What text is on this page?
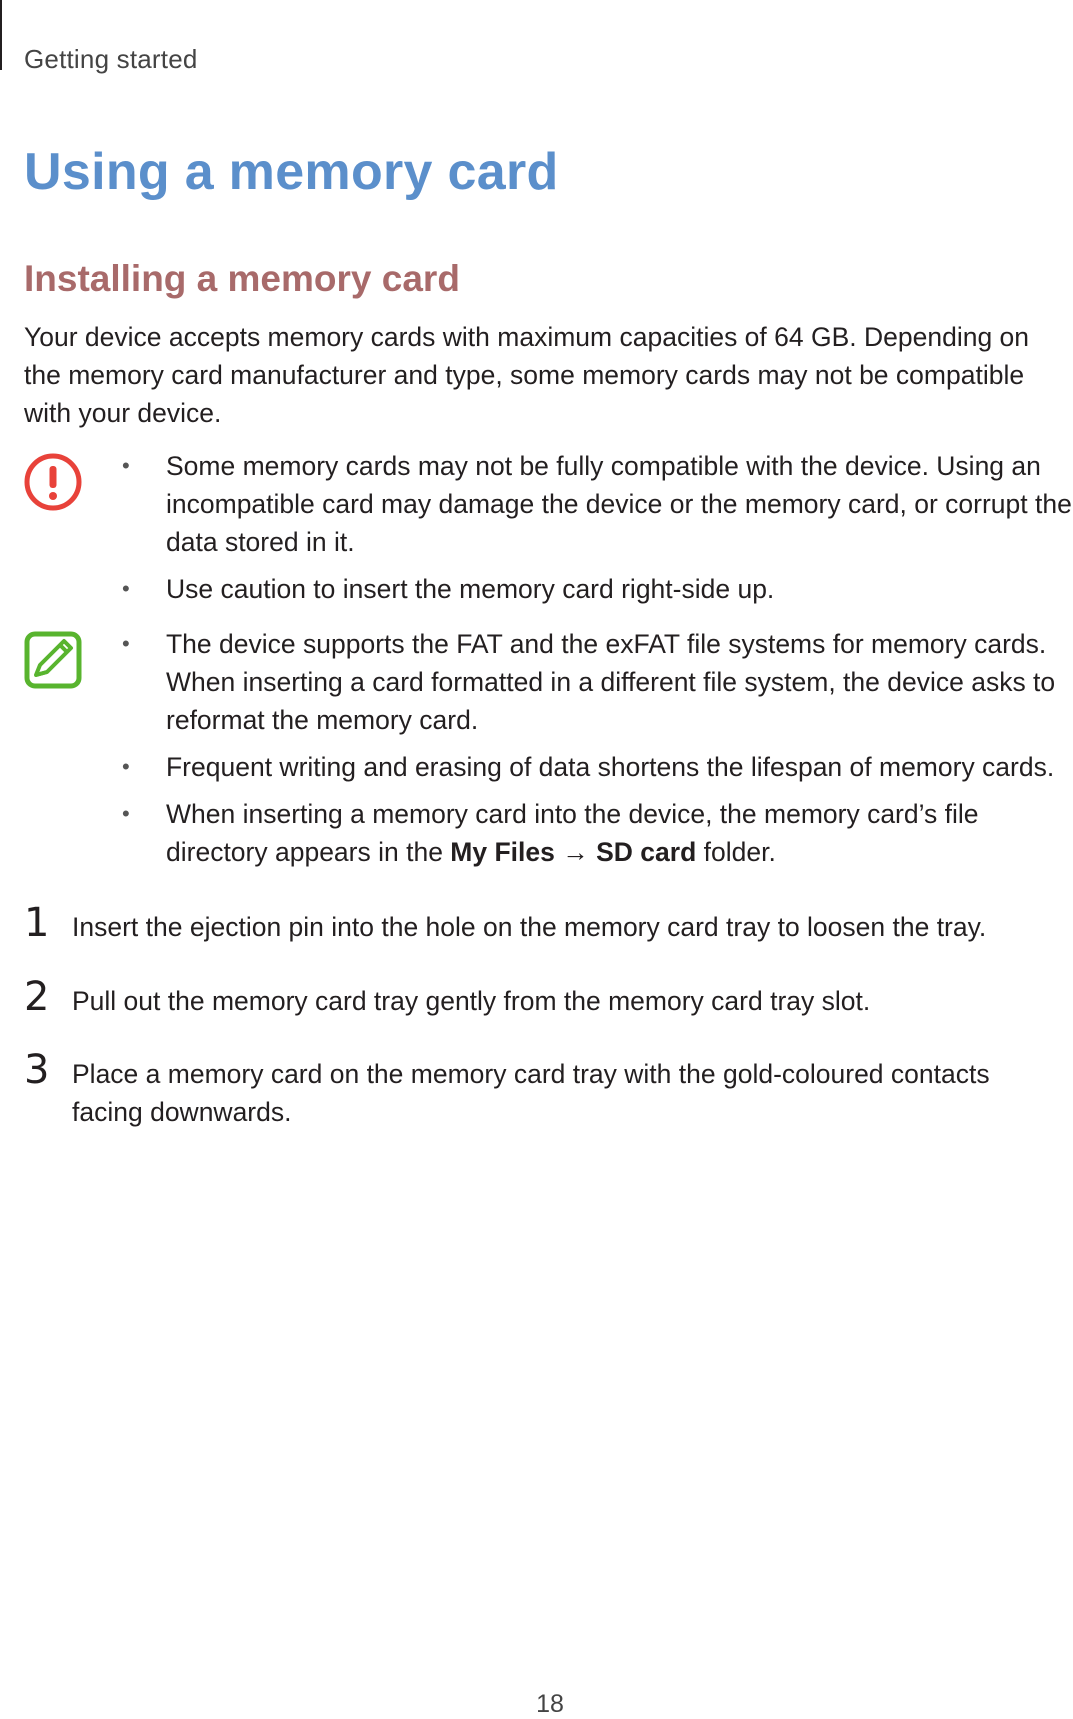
Getting started
Using a memory card
Installing a memory card

Your device accepts memory cards with maximum capacities of 64 GB. Depending on the memory card manufacturer and type, some memory cards may not be compatible with your device.

• Some memory cards may not be fully compatible with the device. Using an incompatible card may damage the device or the memory card, or corrupt the data stored in it.
• Use caution to insert the memory card right-side up.
• The device supports the FAT and the exFAT file systems for memory cards. When inserting a card formatted in a different file system, the device asks to reformat the memory card.
• Frequent writing and erasing of data shortens the lifespan of memory cards.
• When inserting a memory card into the device, the memory card’s file directory appears in the My Files → SD card folder.
1 Insert the ejection pin into the hole on the memory card tray to loosen the tray.

2 Pull out the memory card tray gently from the memory card tray slot.

3 Place a memory card on the memory card tray with the gold-coloured contacts facing downwards.

18
